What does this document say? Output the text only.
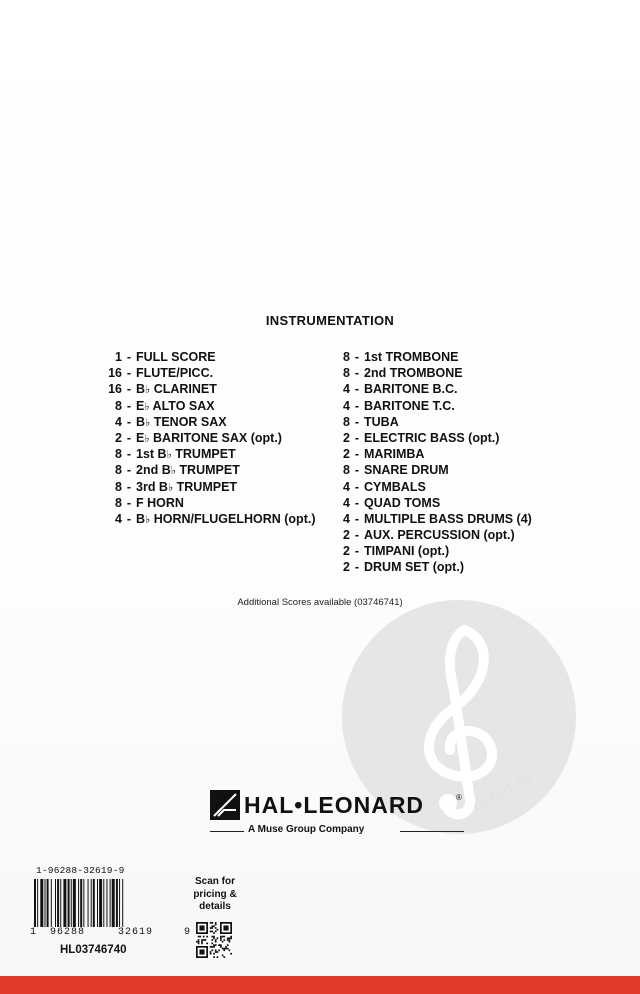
noten.de
INSTRUMENTATION
1 - FULL SCORE
16 - FLUTE/PICC.
16 - B♭ CLARINET
8 - E♭ ALTO SAX
4 - B♭ TENOR SAX
2 - E♭ BARITONE SAX (opt.)
8 - 1st B♭ TRUMPET
8 - 2nd B♭ TRUMPET
8 - 3rd B♭ TRUMPET
8 - F HORN
4 - B♭ HORN/FLUGELHORN (opt.)
8 - 1st TROMBONE
8 - 2nd TROMBONE
4 - BARITONE B.C.
4 - BARITONE T.C.
8 - TUBA
2 - ELECTRIC BASS (opt.)
2 - MARIMBA
8 - SNARE DRUM
4 - CYMBALS
4 - QUAD TOMS
4 - MULTIPLE BASS DRUMS (4)
2 - AUX. PERCUSSION (opt.)
2 - TIMPANI (opt.)
2 - DRUM SET (opt.)
Additional Scores available (03746741)
HAL•LEONARD	®
A Muse Group Company
1-96288-32619-9
1 96288	32619	9
HL03746740
Scan for
pricing &
details
